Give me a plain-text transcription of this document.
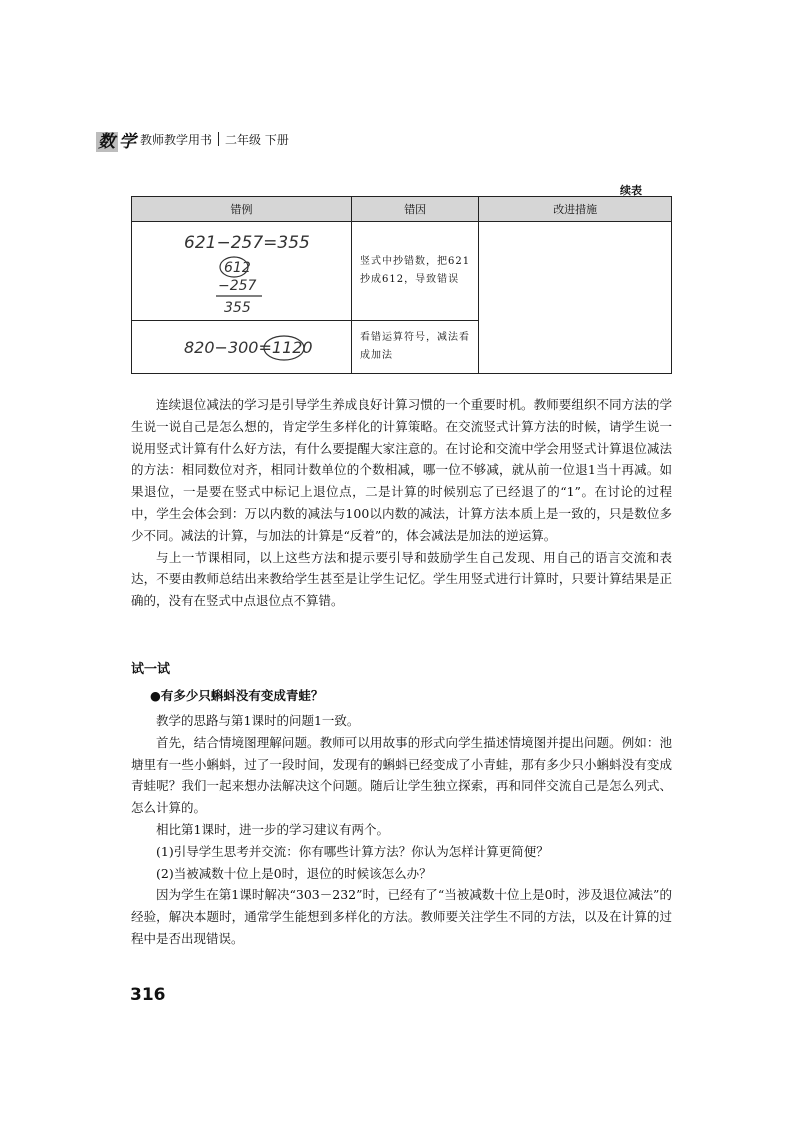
数 学 教师教学用书 二年级 下册
续表
错例	错因	改进措施

621−257=355
612
−257
355	竖式中抄错数，把621抄成612，导致错误	

820−300=1120	看错运算符号，减法看成加法	

连续退位减法的学习是引导学生养成良好计算习惯的一个重要时机。教师要组织不同方法的学生说一说自己是怎么想的，肯定学生多样化的计算策略。在交流竖式计算方法的时候，请学生说一说用竖式计算有什么好方法，有什么要提醒大家注意的。在讨论和交流中学会用竖式计算退位减法的方法：相同数位对齐，相同计数单位的个数相减，哪一位不够减，就从前一位退1当十再减。如果退位，一是要在竖式中标记上退位点，二是计算的时候别忘了已经退了的“1”。在讨论的过程中，学生会体会到：万以内数的减法与100以内数的减法，计算方法本质上是一致的，只是数位多少不同。减法的计算，与加法的计算是“反着”的，体会减法是加法的逆运算。

与上一节课相同，以上这些方法和提示要引导和鼓励学生自己发现、用自己的语言交流和表达，不要由教师总结出来教给学生甚至是让学生记忆。学生用竖式进行计算时，只要计算结果是正确的，没有在竖式中点退位点不算错。

试一试
●有多少只蝌蚪没有变成青蛙？

教学的思路与第1课时的问题1一致。

首先，结合情境图理解问题。教师可以用故事的形式向学生描述情境图并提出问题。例如：池塘里有一些小蝌蚪，过了一段时间，发现有的蝌蚪已经变成了小青蛙，那有多少只小蝌蚪没有变成青蛙呢？我们一起来想办法解决这个问题。随后让学生独立探索，再和同伴交流自己是怎么列式、怎么计算的。

相比第1课时，进一步的学习建议有两个。

(1)引导学生思考并交流：你有哪些计算方法？你认为怎样计算更简便？

(2)当被减数十位上是0时，退位的时候该怎么办？

因为学生在第1课时解决“303－232”时，已经有了“当被减数十位上是0时，涉及退位减法”的经验，解决本题时，通常学生能想到多样化的方法。教师要关注学生不同的方法，以及在计算的过程中是否出现错误。

316
